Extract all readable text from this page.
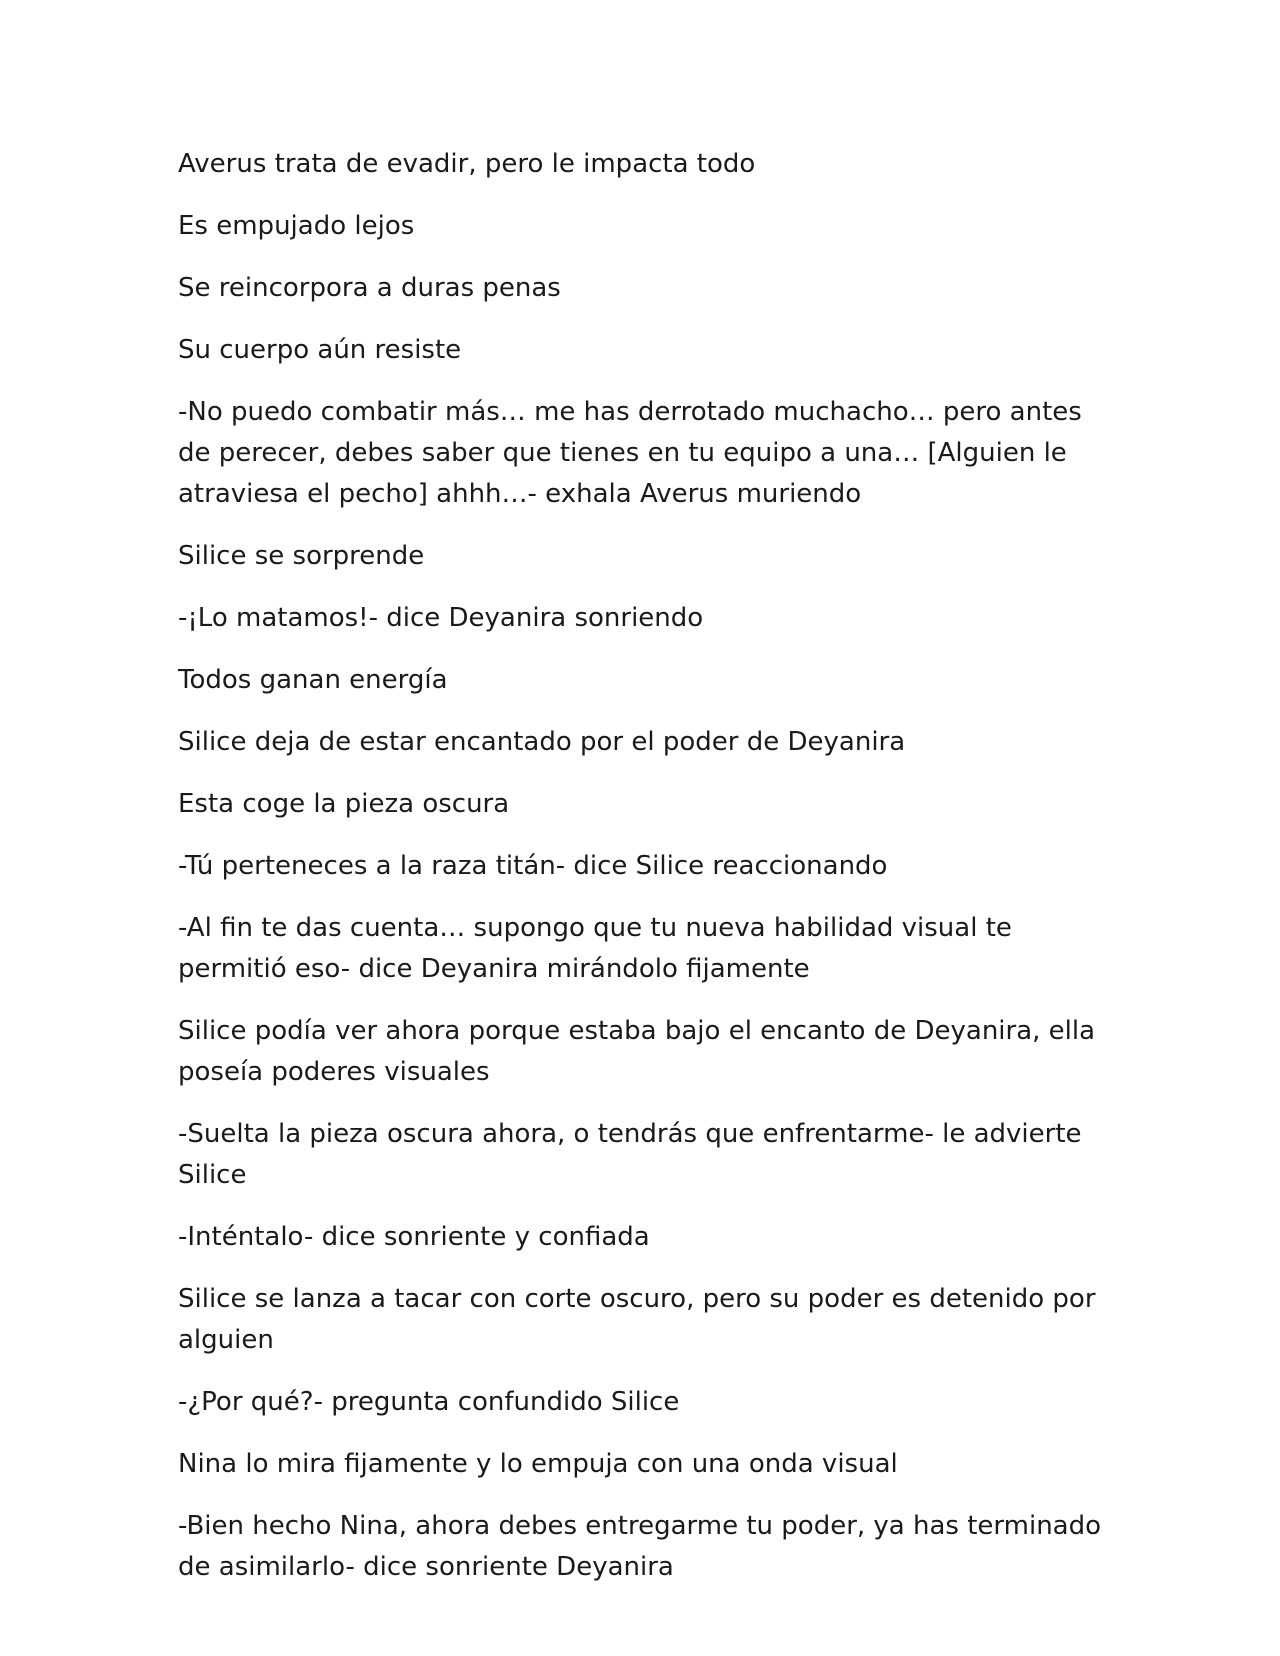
Averus trata de evadir, pero le impacta todo

Es empujado lejos

Se reincorpora a duras penas

Su cuerpo aún resiste

-No puedo combatir más… me has derrotado muchacho… pero antes de perecer, debes saber que tienes en tu equipo a una… [Alguien le atraviesa el pecho] ahhh…- exhala Averus muriendo

Silice se sorprende

-¡Lo matamos!- dice Deyanira sonriendo

Todos ganan energía

Silice deja de estar encantado por el poder de Deyanira

Esta coge la pieza oscura

-Tú perteneces a la raza titán- dice Silice reaccionando

-Al fin te das cuenta… supongo que tu nueva habilidad visual te permitió eso- dice Deyanira mirándolo fijamente

Silice podía ver ahora porque estaba bajo el encanto de Deyanira, ella poseía poderes visuales

-Suelta la pieza oscura ahora, o tendrás que enfrentarme- le advierte Silice

-Inténtalo- dice sonriente y confiada

Silice se lanza a tacar con corte oscuro, pero su poder es detenido por alguien

-¿Por qué?- pregunta confundido Silice

Nina lo mira fijamente y lo empuja con una onda visual

-Bien hecho Nina, ahora debes entregarme tu poder, ya has terminado de asimilarlo- dice sonriente Deyanira
